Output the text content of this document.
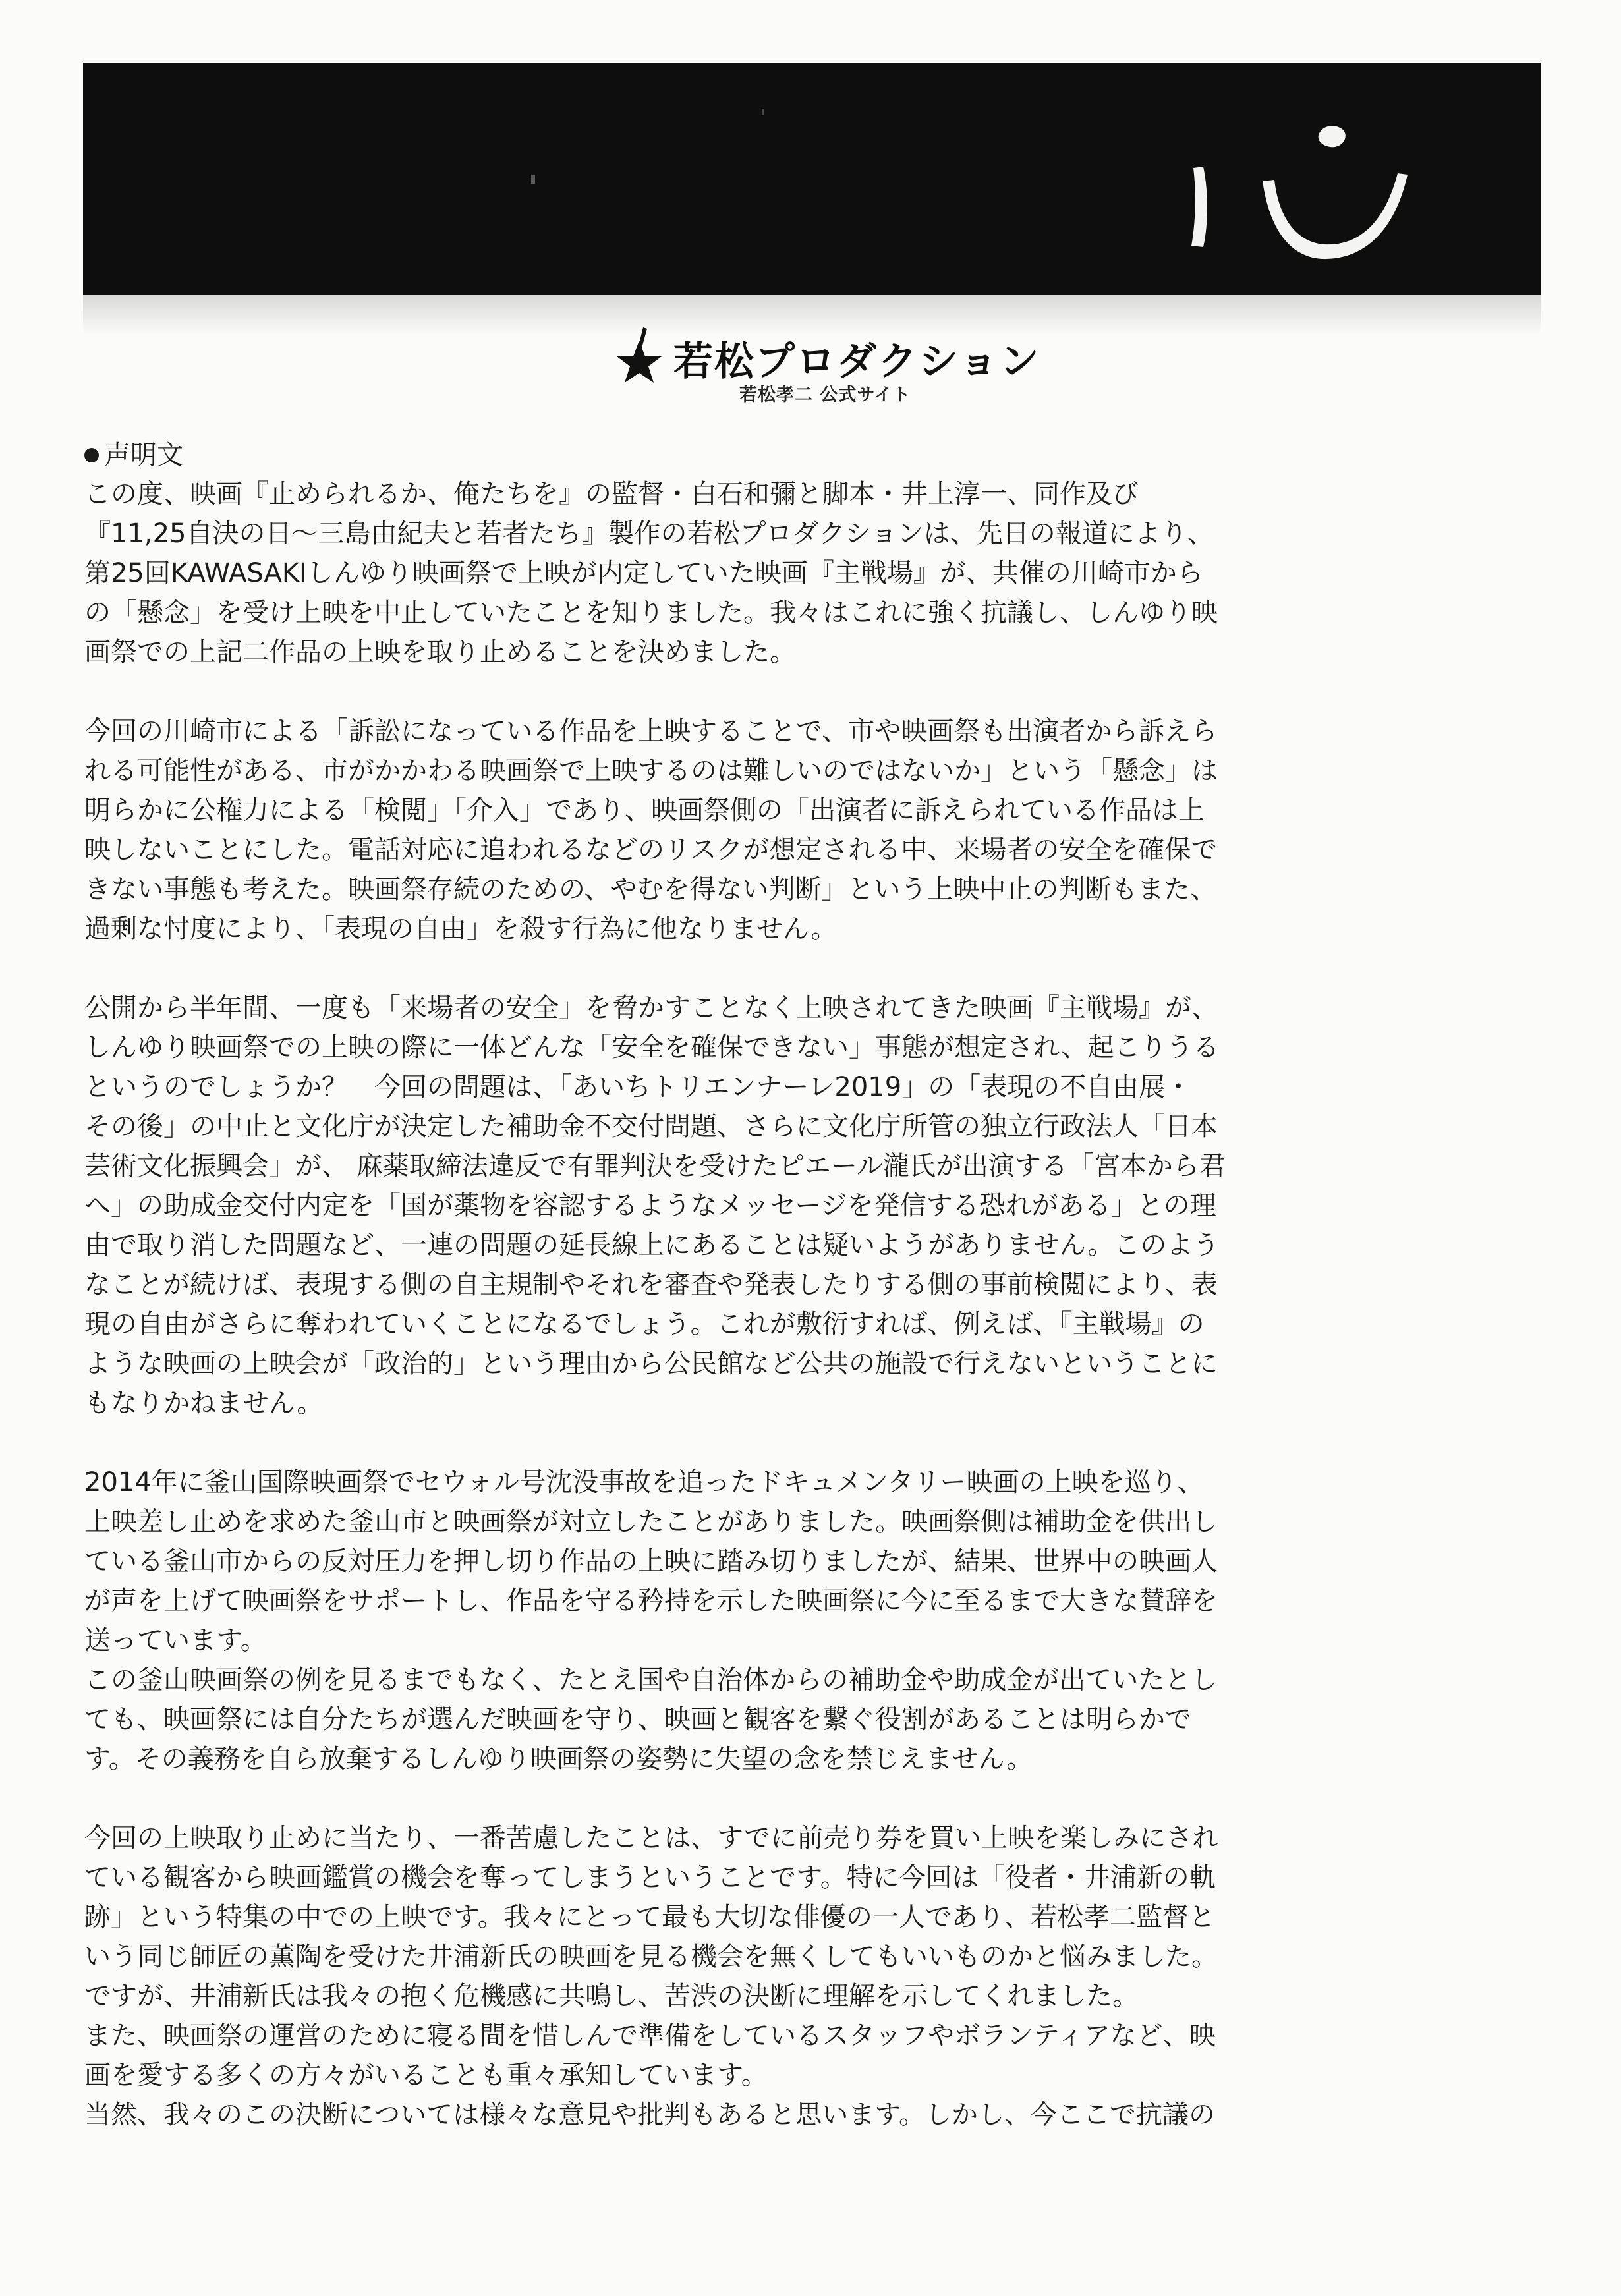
若松プロダクション
若松孝二 公式サイト
声明文
この度、映画『止められるか、俺たちを』の監督・白石和彌と脚本・井上淳一、同作及び
『11,25自決の日～三島由紀夫と若者たち』製作の若松プロダクションは、先日の報道により、
第25回KAWASAKIしんゆり映画祭で上映が内定していた映画『主戦場』が、共催の川崎市から
の「懸念」を受け上映を中止していたことを知りました。我々はこれに強く抗議し、しんゆり映
画祭での上記二作品の上映を取り止めることを決めました。
今回の川崎市による「訴訟になっている作品を上映することで、市や映画祭も出演者から訴えら
れる可能性がある、市がかかわる映画祭で上映するのは難しいのではないか」という「懸念」は
明らかに公権力による「検閲」「介入」であり、映画祭側の「出演者に訴えられている作品は上
映しないことにした。電話対応に追われるなどのリスクが想定される中、来場者の安全を確保で
きない事態も考えた。映画祭存続のための、やむを得ない判断」という上映中止の判断もまた、
過剰な忖度により、「表現の自由」を殺す行為に他なりません。
公開から半年間、一度も「来場者の安全」を脅かすことなく上映されてきた映画『主戦場』が、
しんゆり映画祭での上映の際に一体どんな「安全を確保できない」事態が想定され、起こりうる
というのでしょうか？　今回の問題は、「あいちトリエンナーレ2019」の「表現の不自由展・
その後」の中止と文化庁が決定した補助金不交付問題、さらに文化庁所管の独立行政法人「日本
芸術文化振興会」が、 麻薬取締法違反で有罪判決を受けたピエール瀧氏が出演する「宮本から君
へ」の助成金交付内定を「国が薬物を容認するようなメッセージを発信する恐れがある」との理
由で取り消した問題など、一連の問題の延長線上にあることは疑いようがありません。このよう
なことが続けば、表現する側の自主規制やそれを審査や発表したりする側の事前検閲により、表
現の自由がさらに奪われていくことになるでしょう。これが敷衍すれば、例えば、『主戦場』の
ような映画の上映会が「政治的」という理由から公民館など公共の施設で行えないということに
もなりかねません。
2014年に釜山国際映画祭でセウォル号沈没事故を追ったドキュメンタリー映画の上映を巡り、
上映差し止めを求めた釜山市と映画祭が対立したことがありました。映画祭側は補助金を供出し
ている釜山市からの反対圧力を押し切り作品の上映に踏み切りましたが、結果、世界中の映画人
が声を上げて映画祭をサポートし、作品を守る矜持を示した映画祭に今に至るまで大きな賛辞を
送っています。
この釜山映画祭の例を見るまでもなく、たとえ国や自治体からの補助金や助成金が出ていたとし
ても、映画祭には自分たちが選んだ映画を守り、映画と観客を繋ぐ役割があることは明らかで
す。その義務を自ら放棄するしんゆり映画祭の姿勢に失望の念を禁じえません。
今回の上映取り止めに当たり、一番苦慮したことは、すでに前売り券を買い上映を楽しみにされ
ている観客から映画鑑賞の機会を奪ってしまうということです。特に今回は「役者・井浦新の軌
跡」という特集の中での上映です。我々にとって最も大切な俳優の一人であり、若松孝二監督と
いう同じ師匠の薫陶を受けた井浦新氏の映画を見る機会を無くしてもいいものかと悩みました。
ですが、井浦新氏は我々の抱く危機感に共鳴し、苦渋の決断に理解を示してくれました。
また、映画祭の運営のために寝る間を惜しんで準備をしているスタッフやボランティアなど、映
画を愛する多くの方々がいることも重々承知しています。
当然、我々のこの決断については様々な意見や批判もあると思います。しかし、今ここで抗議の
